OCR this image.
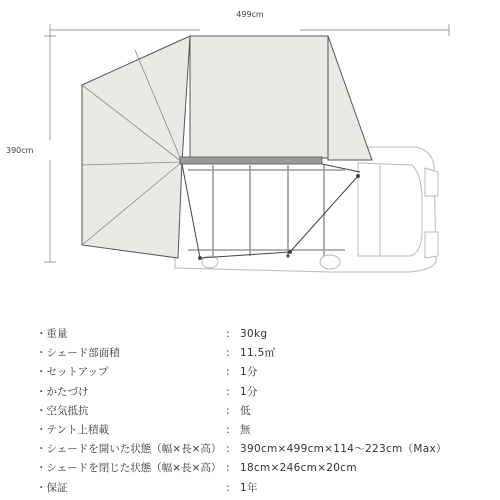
499cm
390cm
・重量	: 30kg
・シェード部面積	: 11.5㎡
・セットアップ	: 1分
・かたづけ	: 1分
・空気抵抗	: 低
・テント上積載	: 無
・シェードを開いた状態（幅×長×高） : 390cm×499cm×114～223cm（Max）
・シェードを閉じた状態（幅×長×高） : 18cm×246cm×20cm
・保証	: 1年
